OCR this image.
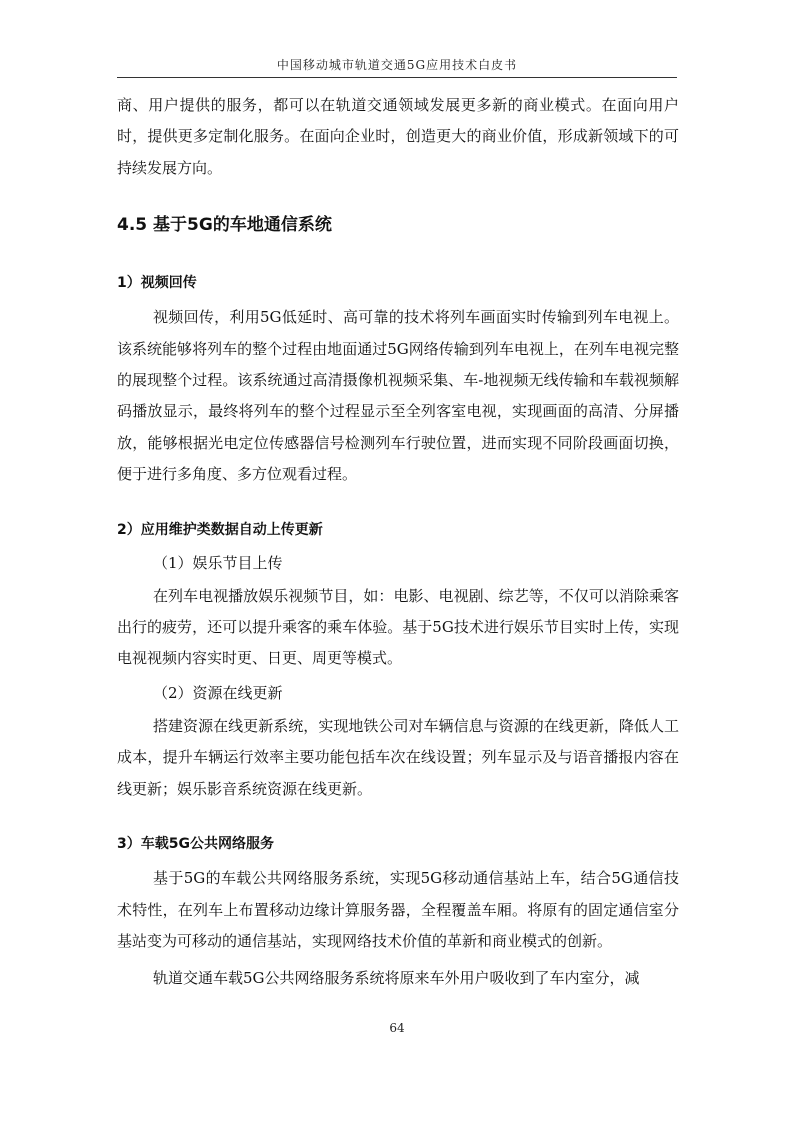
中国移动城市轨道交通5G应用技术白皮书

商、用户提供的服务，都可以在轨道交通领域发展更多新的商业模式。在面向用户时，提供更多定制化服务。在面向企业时，创造更大的商业价值，形成新领域下的可持续发展方向。

4.5 基于5G的车地通信系统
1）视频回传

视频回传，利用5G低延时、高可靠的技术将列车画面实时传输到列车电视上。该系统能够将列车的整个过程由地面通过5G网络传输到列车电视上，在列车电视完整的展现整个过程。该系统通过高清摄像机视频采集、车-地视频无线传输和车载视频解码播放显示，最终将列车的整个过程显示至全列客室电视，实现画面的高清、分屏播放，能够根据光电定位传感器信号检测列车行驶位置，进而实现不同阶段画面切换，便于进行多角度、多方位观看过程。

2）应用维护类数据自动上传更新
（1）娱乐节目上传

在列车电视播放娱乐视频节目，如：电影、电视剧、综艺等，不仅可以消除乘客出行的疲劳，还可以提升乘客的乘车体验。基于5G技术进行娱乐节目实时上传，实现电视视频内容实时更、日更、周更等模式。

（2）资源在线更新

搭建资源在线更新系统，实现地铁公司对车辆信息与资源的在线更新，降低人工成本，提升车辆运行效率主要功能包括车次在线设置；列车显示及与语音播报内容在线更新；娱乐影音系统资源在线更新。

3）车载5G公共网络服务

基于5G的车载公共网络服务系统，实现5G移动通信基站上车，结合5G通信技术特性，在列车上布置移动边缘计算服务器，全程覆盖车厢。将原有的固定通信室分基站变为可移动的通信基站，实现网络技术价值的革新和商业模式的创新。

轨道交通车载5G公共网络服务系统将原来车外用户吸收到了车内室分，减

64
